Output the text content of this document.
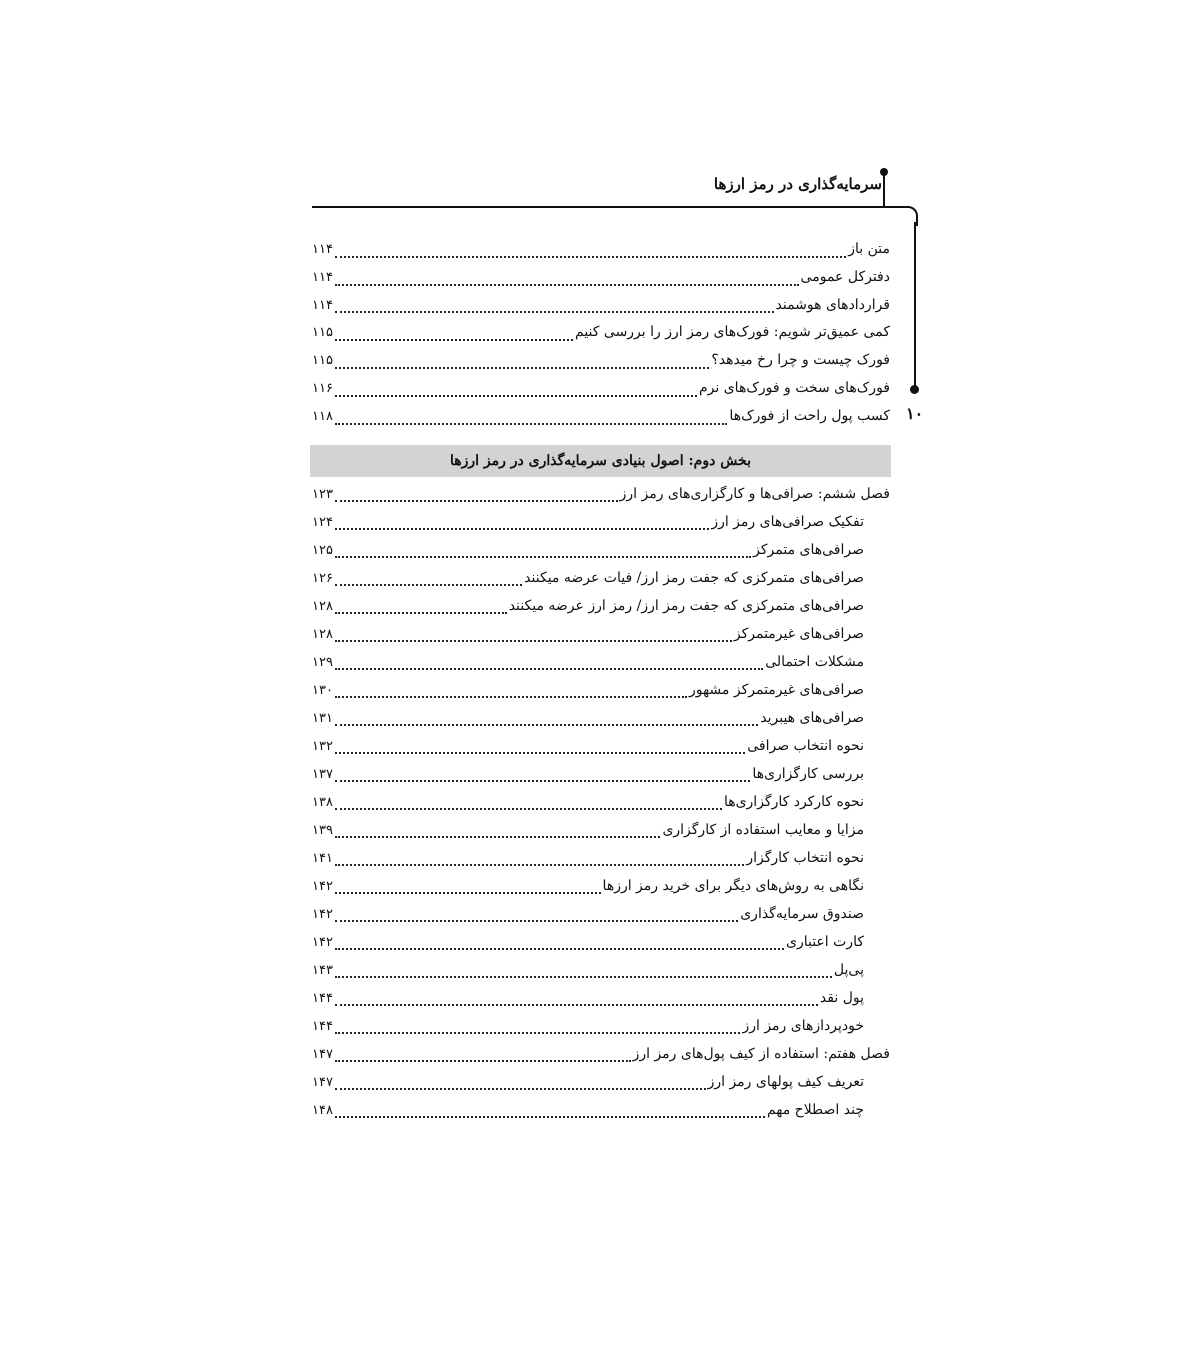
سرمایه‌گذاری در رمز ارزها
۱۰
متن باز
۱۱۴
دفترکل عمومی
۱۱۴
قراردادهای هوشمند
۱۱۴
کمی عمیق‌تر شویم: فورک‌های رمز ارز را بررسی کنیم
۱۱۵
فورک چیست و چرا رخ میدهد؟
۱۱۵
فورک‌های سخت و فورک‌های نرم
۱۱۶
کسب پول راحت از فورک‌ها
۱۱۸
بخش دوم: اصول بنیادی سرمایه‌گذاری در رمز ارزها
فصل ششم: صرافی‌ها و کارگزاری‌های رمز ارز
۱۲۳
تفکیک صرافی‌های رمز ارز
۱۲۴
صرافی‌های متمرکز
۱۲۵
صرافی‌های متمرکزی که جفت رمز ارز/ فیات عرضه میکنند
۱۲۶
صرافی‌های متمرکزی که جفت رمز ارز/ رمز ارز عرضه میکنند
۱۲۸
صرافی‌های غیرمتمرکز
۱۲۸
مشکلات احتمالی
۱۲۹
صرافی‌های غیرمتمرکز مشهور
۱۳۰
صرافی‌های هیبرید
۱۳۱
نحوه انتخاب صرافی
۱۳۲
بررسی کارگزاری‌ها
۱۳۷
نحوه کارکرد کارگزاری‌ها
۱۳۸
مزایا و معایب استفاده از کارگزاری
۱۳۹
نحوه انتخاب کارگزار
۱۴۱
نگاهی به روش‌های دیگر برای خرید رمز ارزها
۱۴۲
صندوق سرمایه‌گذاری
۱۴۲
کارت اعتباری
۱۴۲
پی‌پل
۱۴۳
پول نقد
۱۴۴
خودپردازهای رمز ارز
۱۴۴
فصل هفتم: استفاده از کیف پول‌های رمز ارز
۱۴۷
تعریف کیف پولهای رمز ارز
۱۴۷
چند اصطلاح مهم
۱۴۸
